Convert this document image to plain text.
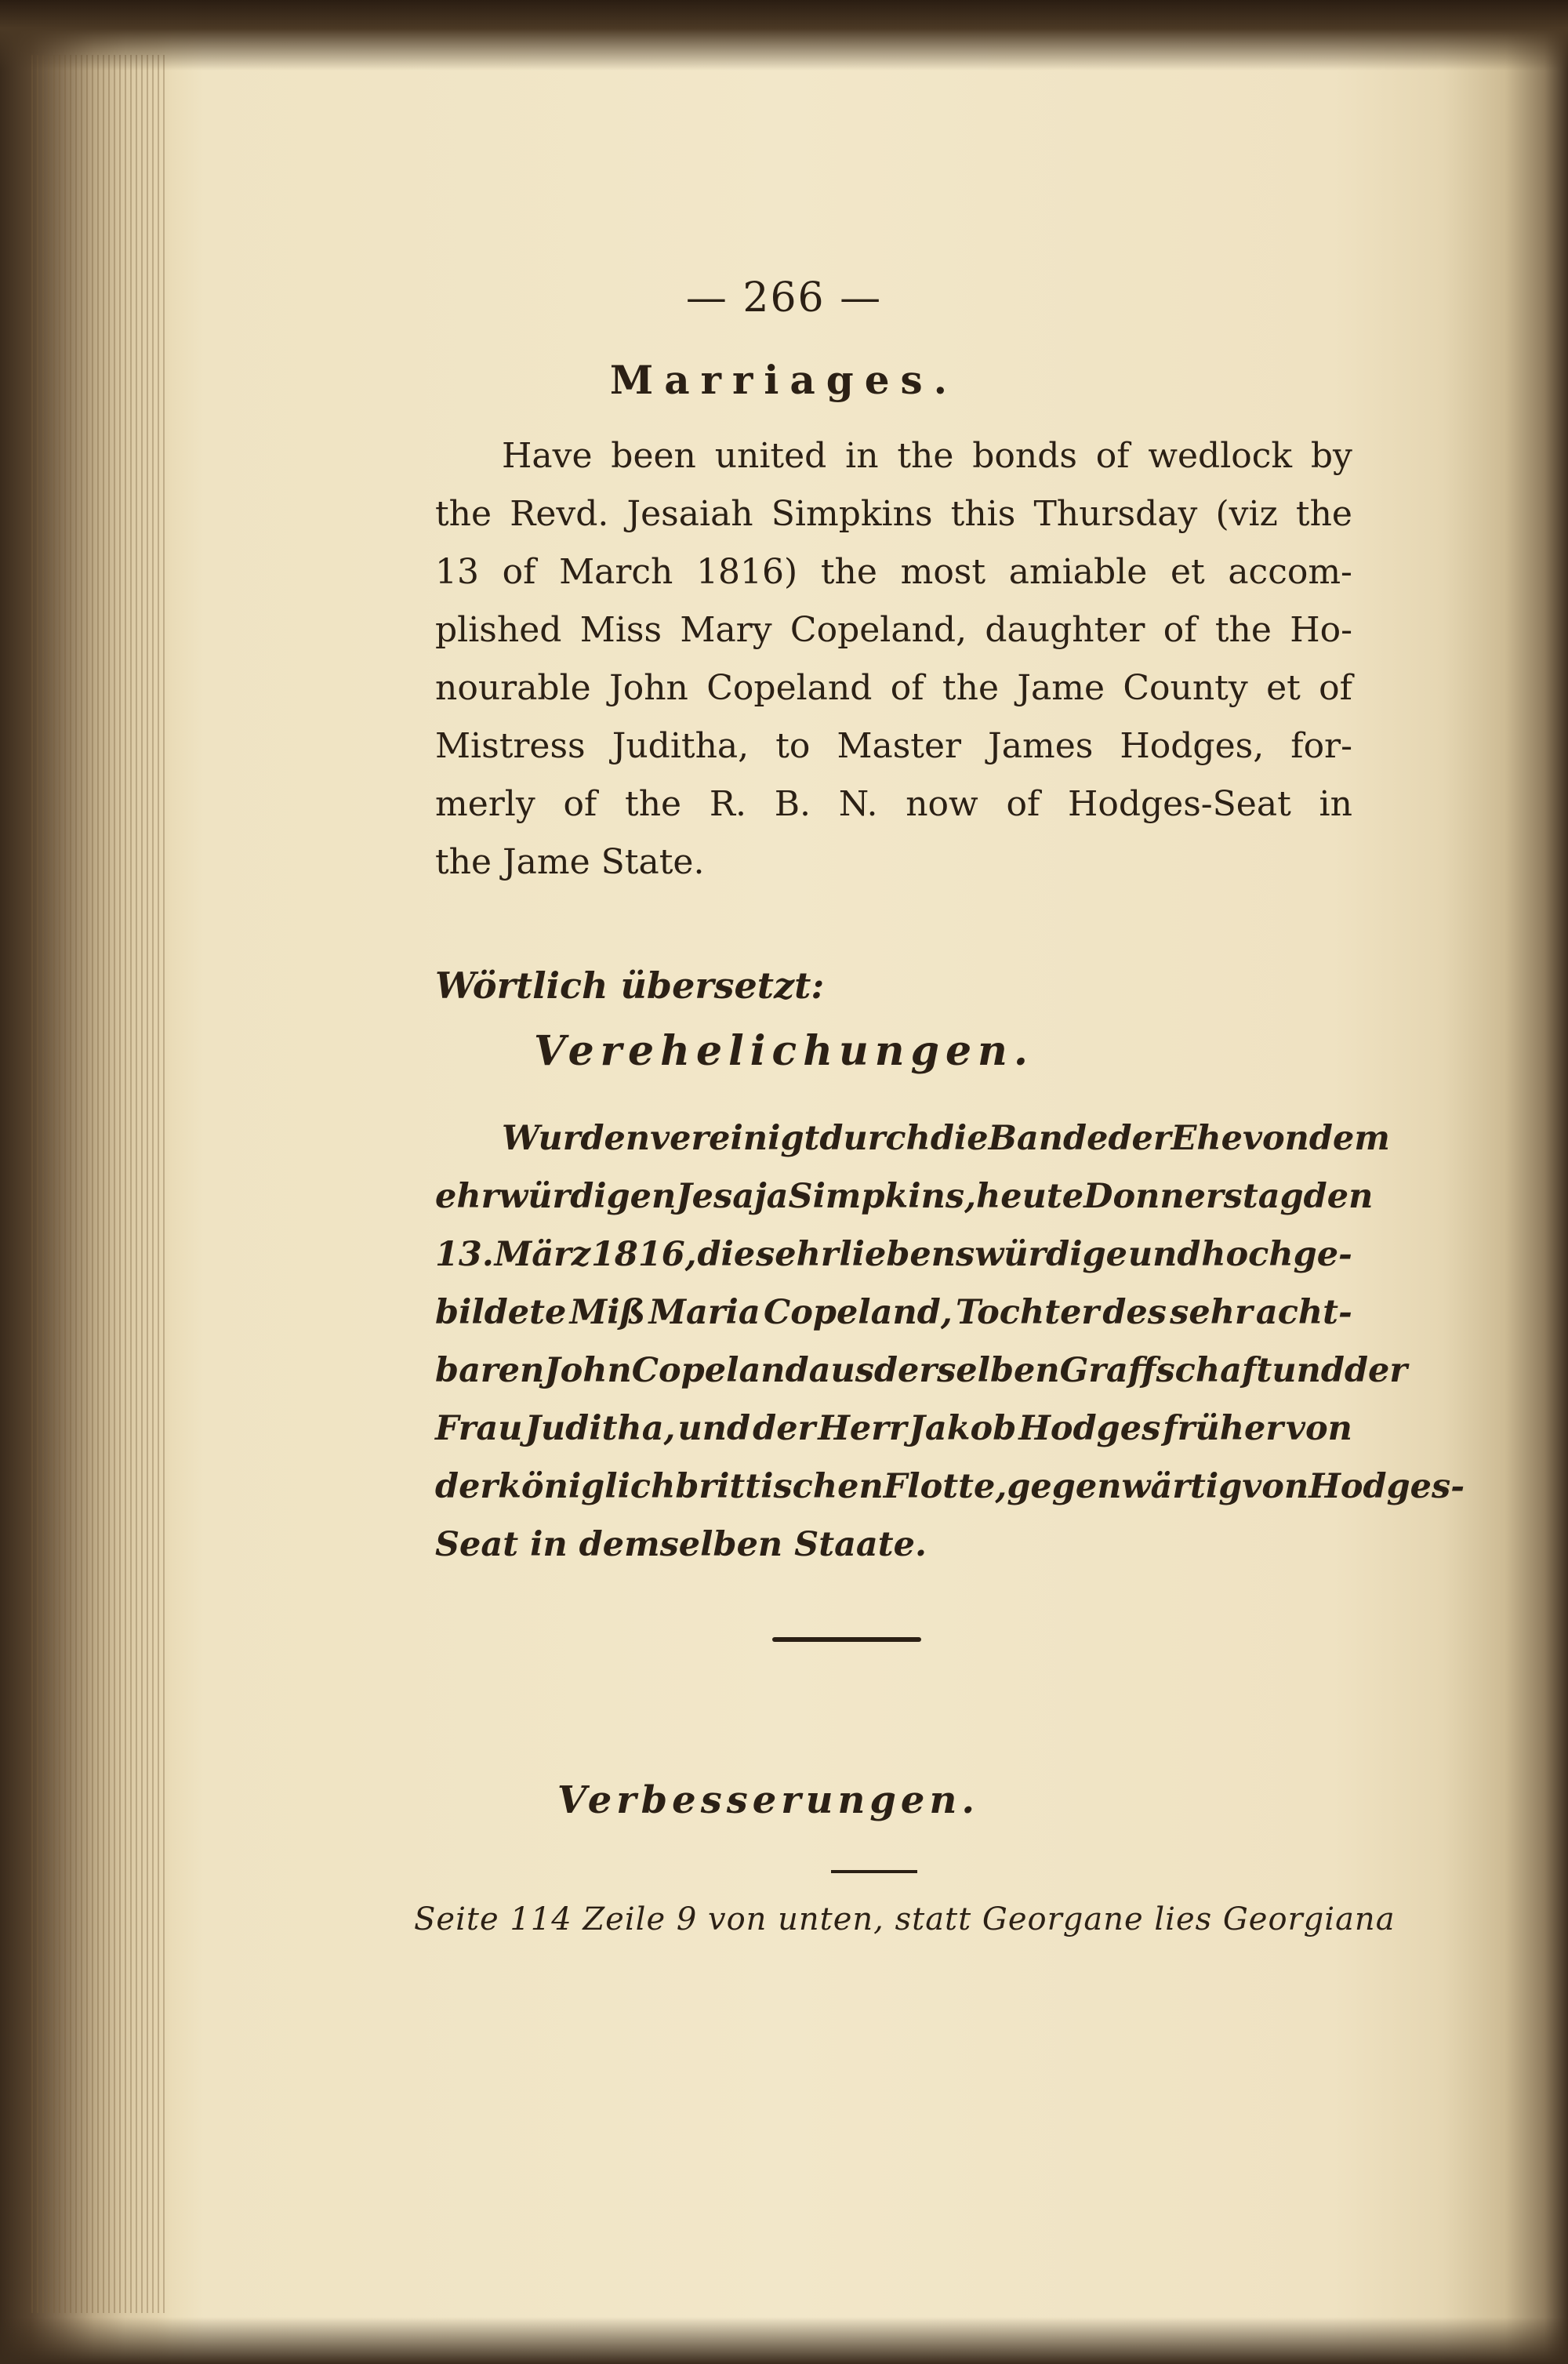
— 266 —
Marriages.
Have been united in the bonds of wedlock by
the Revd. Jesaiah Simpkins this Thursday (viz the
13 of March 1816) the most amiable et accom-
plished Miss Mary Copeland, daughter of the Ho-
nourable John Copeland of the Jame County et of
Mistress Juditha, to Master James Hodges, for-
merly of the R. B. N. now of Hodges-Seat in
the Jame State.
Wörtlich übersetzt:
Verehelichungen.
Wurden vereinigt durch die Bande der Ehe von dem
ehrwürdigen Jesaja Simpkins, heute Donnerstag den
13. März 1816, die sehr liebenswürdige und hochge-
bildete Miß Maria Copeland, Tochter des sehr acht-
baren John Copeland aus derselben Graffschaft und der
Frau Juditha, und der Herr Jakob Hodges früher von
der königlich brittischen Flotte, gegenwärtig von Hodges-
Seat in demselben Staate.
Verbesserungen.
Seite 114 Zeile 9 von unten, statt Georgane lies Georgiana
